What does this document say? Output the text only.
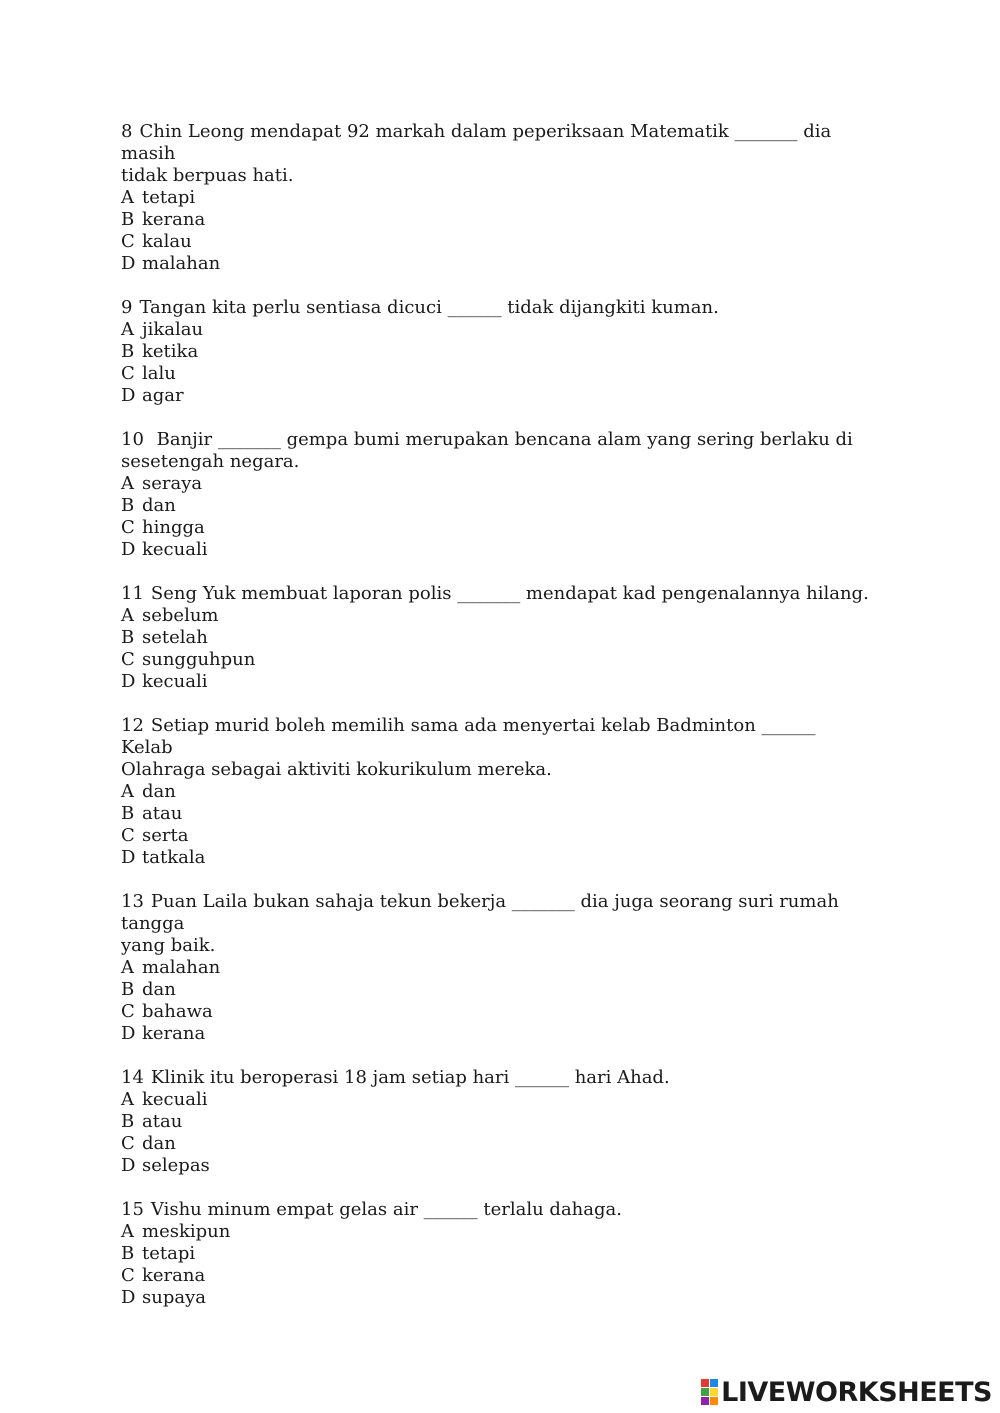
8 Chin Leong mendapat 92 markah dalam peperiksaan Matematik _______ dia masih
tidak berpuas hati.

A tetapi
B kerana
C kalau
D malahan

9 Tangan kita perlu sentiasa dicuci ______ tidak dijangkiti kuman.

A jikalau
B ketika
C lalu
D agar

10 Banjir _______ gempa bumi merupakan bencana alam yang sering berlaku di
sesetengah negara.

A seraya
B dan
C hingga
D kecuali

11 Seng Yuk membuat laporan polis _______ mendapat kad pengenalannya hilang.

A sebelum
B setelah
C sungguhpun
D kecuali

12 Setiap murid boleh memilih sama ada menyertai kelab Badminton ______ Kelab
Olahraga sebagai aktiviti kokurikulum mereka.

A dan
B atau
C serta
D tatkala

13 Puan Laila bukan sahaja tekun bekerja _______ dia juga seorang suri rumah tangga
yang baik.

A malahan
B dan
C bahawa
D kerana

14 Klinik itu beroperasi 18 jam setiap hari ______ hari Ahad.

A kecuali
B atau
C dan
D selepas

15 Vishu minum empat gelas air ______ terlalu dahaga.

A meskipun
B tetapi
C kerana
D supaya
LIVEWORKSHEETS
